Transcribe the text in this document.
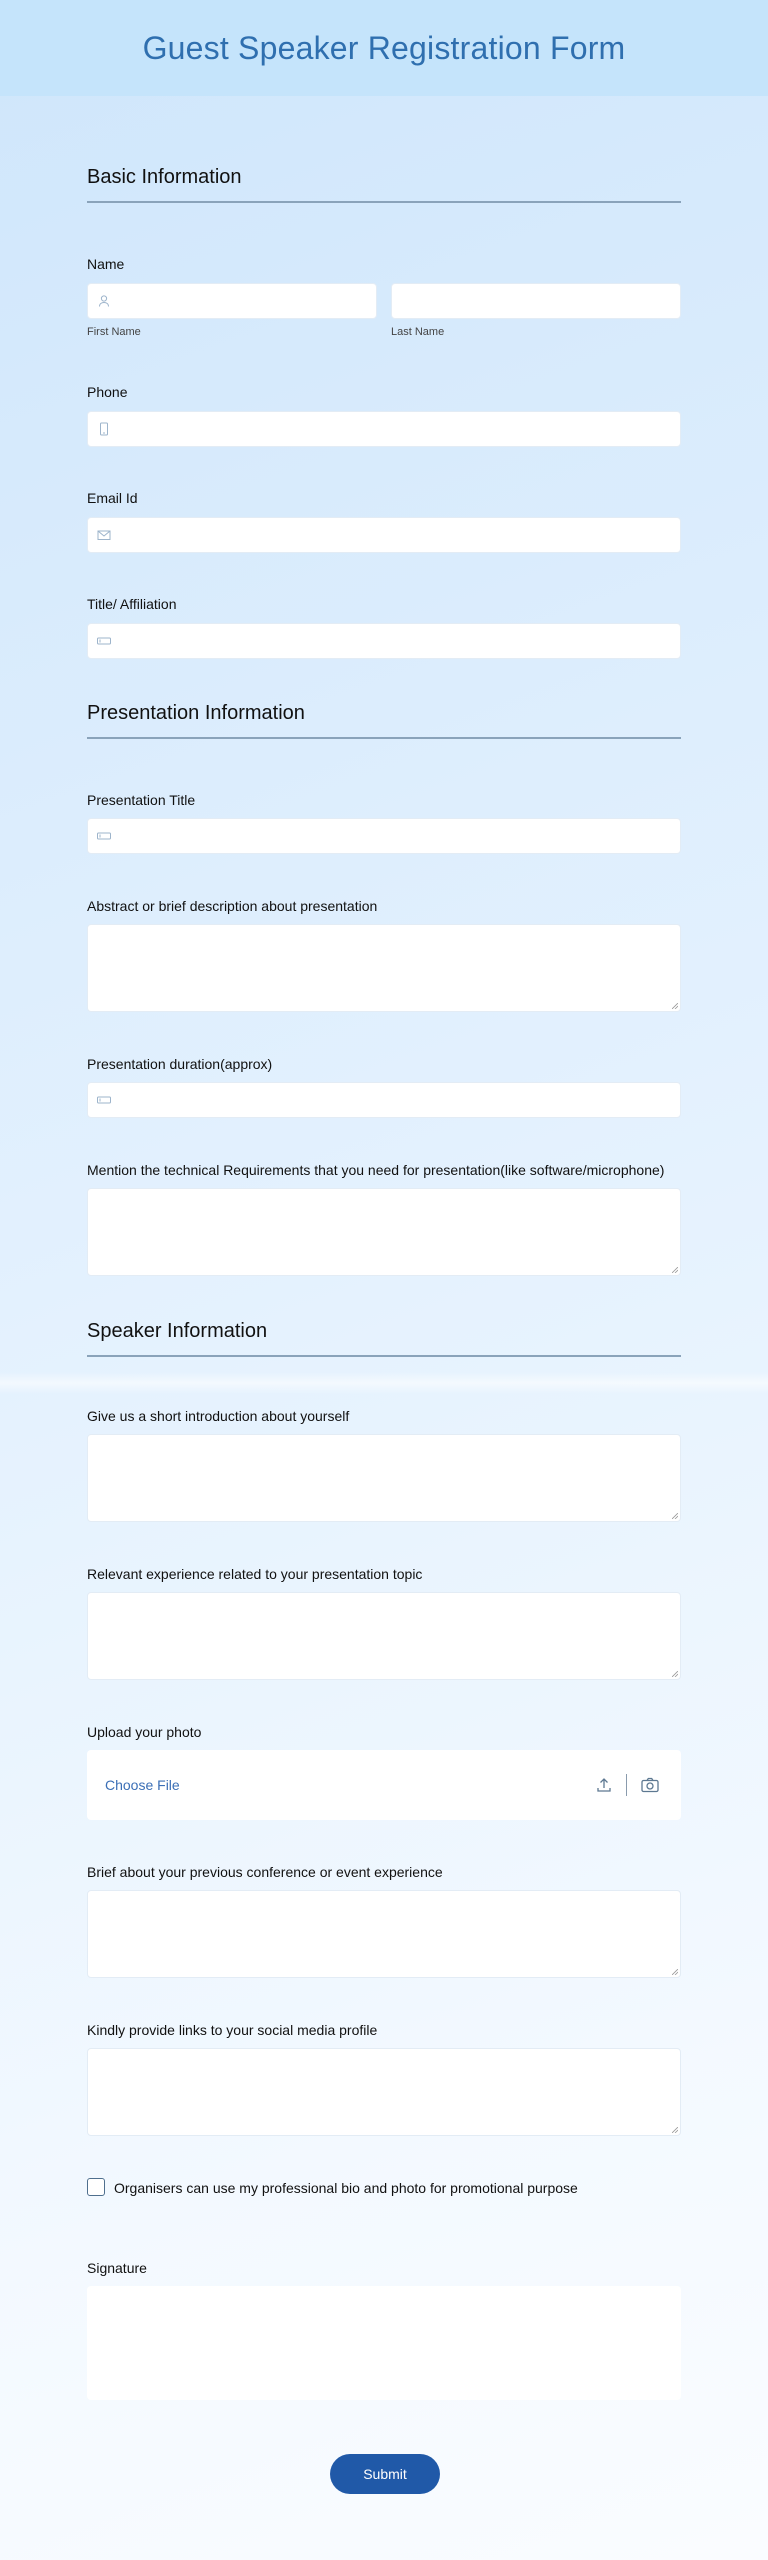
Guest Speaker Registration Form
Basic Information
Name
First Name	Last Name
Phone
Email Id
Title/ Affiliation
Presentation Information
Presentation Title
Abstract or brief description about presentation
Presentation duration(approx)
Mention the technical Requirements that you need for presentation(like software/microphone)
Speaker Information
Give us a short introduction about yourself
Relevant experience related to your presentation topic
Upload your photo
Choose File
Brief about your previous conference or event experience
Kindly provide links to your social media profile
Organisers can use my professional bio and photo for promotional purpose
Signature
Submit
